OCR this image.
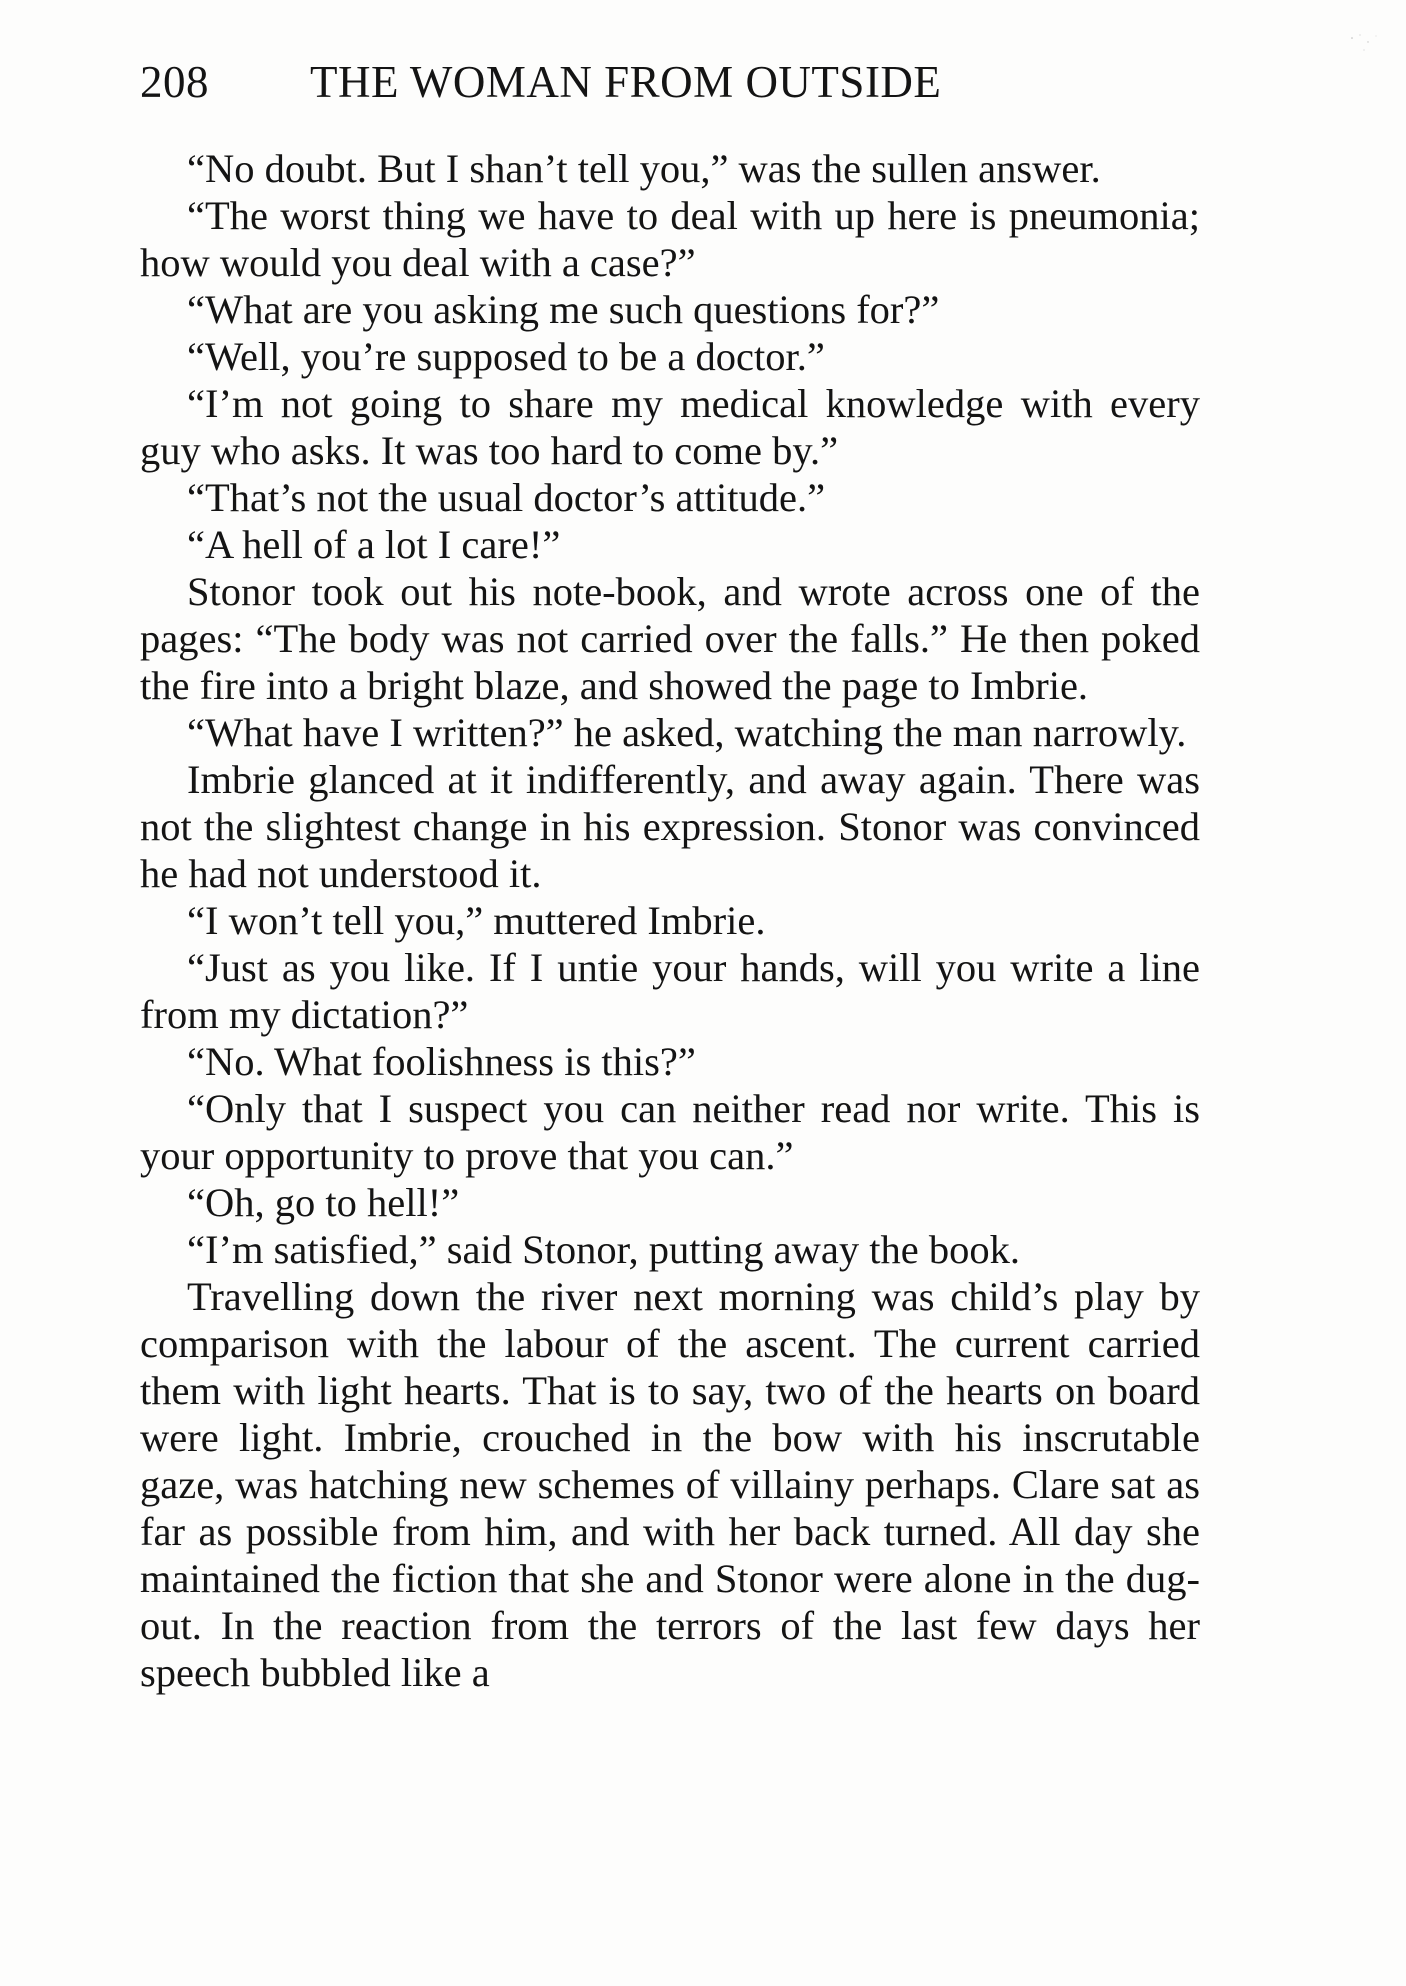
208 THE WOMAN FROM OUTSIDE

“No doubt. But I shan’t tell you,” was the sullen answer.

“The worst thing we have to deal with up here is pneumonia; how would you deal with a case?”

“What are you asking me such questions for?”

“Well, you’re supposed to be a doctor.”

“I’m not going to share my medical knowledge with every guy who asks. It was too hard to come by.”

“That’s not the usual doctor’s attitude.”

“A hell of a lot I care!”

Stonor took out his note-book, and wrote across one of the pages: “The body was not carried over the falls.” He then poked the fire into a bright blaze, and showed the page to Imbrie.

“What have I written?” he asked, watching the man narrowly.

Imbrie glanced at it indifferently, and away again. There was not the slightest change in his expression. Stonor was convinced he had not understood it.

“I won’t tell you,” muttered Imbrie.

“Just as you like. If I untie your hands, will you write a line from my dictation?”

“No. What foolishness is this?”

“Only that I suspect you can neither read nor write. This is your opportunity to prove that you can.”

“Oh, go to hell!”

“I’m satisfied,” said Stonor, putting away the book.

Travelling down the river next morning was child’s play by comparison with the labour of the ascent. The current carried them with light hearts. That is to say, two of the hearts on board were light. Imbrie, crouched in the bow with his inscrutable gaze, was hatching new schemes of villainy perhaps. Clare sat as far as possible from him, and with her back turned. All day she maintained the fiction that she and Stonor were alone in the dug-out. In the reaction from the terrors of the last few days her speech bubbled like a
